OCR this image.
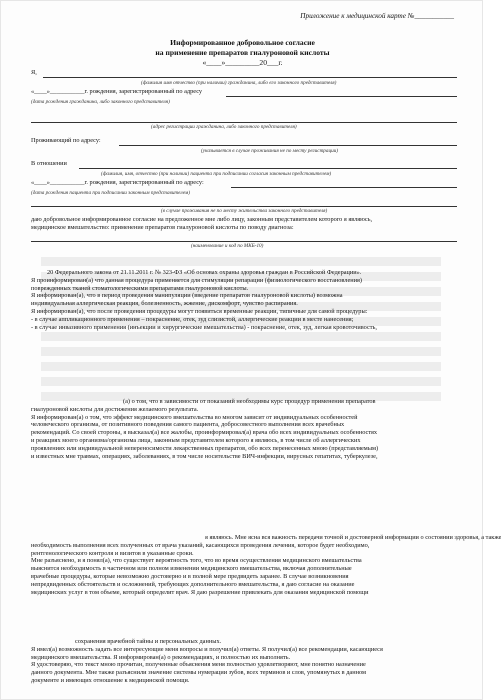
Приложение к медицинской карте №___________
Информированное добровольное согласие
на применение препаратов гиалуроновой кислоты
«____»_________20___г.
Я,
(фамилия имя отчество (при наличии) гражданина, либо его законного представителя)
«____»___________г. рождения, зарегистрированный по адресу
(дата рождения гражданина, либо законного представителя)
(адрес регистрации гражданина, либо законного представителя)
Проживающий по адресу:
(указывается в случае проживания не по месту регистрации)
В отношении
(фамилия, имя, отчество (при наличии) пациента при подписании согласия законным представителем)
«____»___________г. рождения, зарегистрированный по адресу:
(дата рождения пациента при подписании законным представителем)
(в случае проживания не по месту жительства законного представителя)
даю добровольное информированное согласие на предложенное мне либо лицу, законным представителем которого я являюсь,
медицинское вмешательство: применение препаратов гиалуроновой кислоты по поводу диагноза:
(наименование и код по МКБ-10)
20 Федерального закона от 21.11.2011 г. № 323-ФЗ «Об основах охраны здоровья граждан в Российской Федерации».
Я проинформирован(а) что данная процедура применяется для стимуляции репарации (физиологического восстановления)
поврежденных тканей стоматологическими препаратами гиалуроновой кислоты.
Я информирован(а), что в период проведения манипуляции (введение препаратов гиалуроновой кислоты) возможна
индивидуальная аллергическая реакция, болезненность, жжение, дискомфорт, чувство распирания.
Я информирован(а), что после проведения процедуры могут появиться временные реакции, типичные для самой процедуры:
- в случае аппликационного применения – покраснение, отек, зуд слизистой, аллергические реакции в месте нанесения;
- в случае инвазивного применения (инъекции и хирургические вмешательства) - покраснение, отек, зуд, легкая кровоточивость,
(а) о том, что в зависимости от показаний необходимы курс процедур применения препаратов
гиалуроновой кислоты для достижения желаемого результата.
Я информирован(а) о том, что эффект медицинского вмешательства во многом зависит от индивидуальных особенностей
человеческого организма, от позитивного поведения самого пациента, добросовестного выполнения всех врачебных
рекомендаций. Со своей стороны, я высказал(а) все жалобы, проинформировал(а) врача обо всех индивидуальных особенностях
и реакциях моего организма/организма лица, законным представителем которого я являюсь, в том числе об аллергических
проявлениях или индивидуальной непереносимости лекарственных препаратов, обо всех перенесенных мною (представляемым)
и известных мне травмах, операциях, заболеваниях, в том числе носительстве ВИЧ-инфекции, вирусных гепатитах, туберкулезе,
я являюсь. Мне ясна вся важность передачи точной и достоверной информации о состоянии здоровья, а также
необходимость выполнения всех полученных от врача указаний, касающихся проведения лечения, которое будет необходимо,
рентгенологического контроля и визитов в указанные сроки.
Мне разъяснено, и я понял(а), что существует вероятность того, что во время осуществления медицинского вмешательства
выяснится необходимость в частичном или полном изменении медицинского вмешательства, включая дополнительные
врачебные процедуры, которые невозможно достоверно и в полной мере предвидеть заранее. В случае возникновения
непредвиденных обстоятельств и осложнений, требующих дополнительного вмешательства, я даю согласие на оказание
медицинских услуг в том объеме, который определит врач. Я даю разрешение привлекать для оказания медицинской помощи
сохранения врачебной тайны и персональных данных.
Я имел(а) возможность задать все интересующие меня вопросы и получил(а) ответы. Я получил(а) все рекомендации, касающиеся
медицинского вмешательства. Я информирован(а) о рекомендациях, и полностью их выполнять.
Я удостоверяю, что текст мною прочитан, полученные объяснения меня полностью удовлетворяют, мне понятно назначение
данного документа. Мне также разъяснили значение системы нумерации зубов, всех терминов и слов, упомянутых в данном
документе и имеющих отношение к медицинской помощи.
